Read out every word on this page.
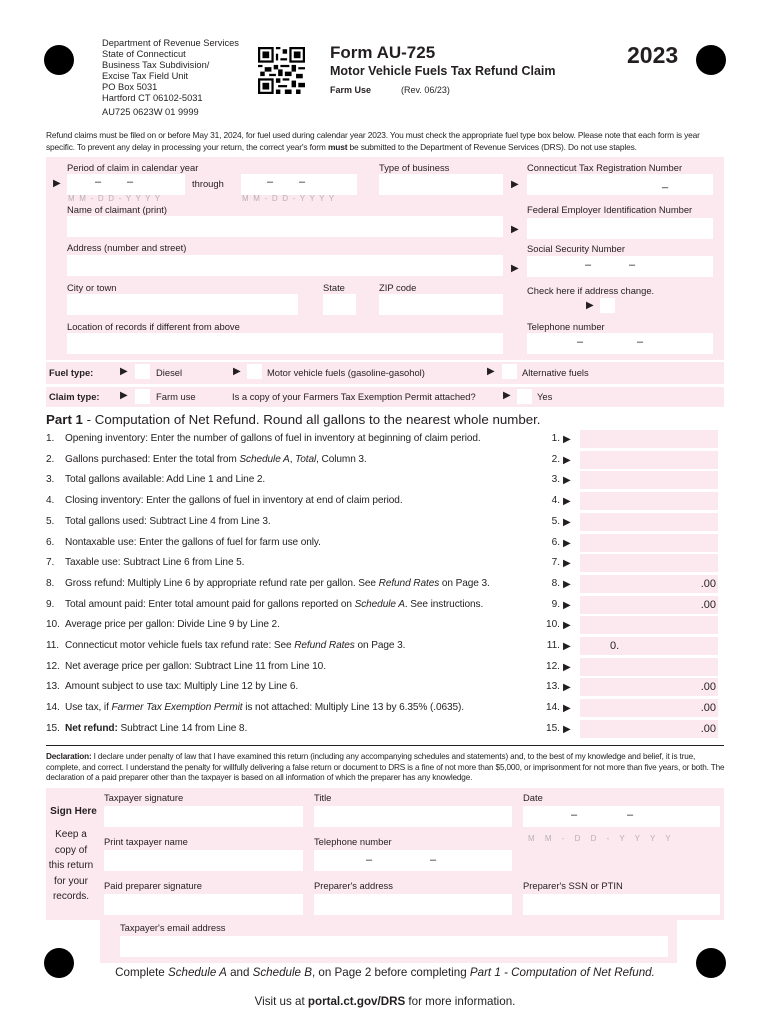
Department of Revenue Services
State of Connecticut
Business Tax Subdivision/
Excise Tax Field Unit
PO Box 5031
Hartford CT 06102-5031
AU725 0623W 01 9999
Form AU-725
Motor Vehicle Fuels Tax Refund Claim
Farm Use	(Rev. 06/23)
2023
Refund claims must be filed on or before May 31, 2024, for fuel used during calendar year 2023. You must check the appropriate fuel type box below. Please note that each form is year specific. To prevent any delay in processing your return, the correct year's form must be submitted to the Department of Revenue Services (DRS). Do not use staples.
Period of claim in calendar year
▶	– –
M M - D D - Y Y Y Y
through	– –
M M - D D - Y Y Y Y
Type of business	Connecticut Tax Registration Number
▶	_
Name of claimant (print)	Federal Employer Identification Number
▶
Address (number and street)	Social Security Number
▶	–	–
City or town	State	ZIP code	Check here if address change.
▶
Location of records if different from above	Telephone number
–	–
Fuel type:	▶	Diesel	▶	Motor vehicle fuels (gasoline-gasohol)	▶	Alternative fuels
Claim type: ▶	Farm use	Is a copy of your Farmers Tax Exemption Permit attached?	▶	Yes
Part 1 - Computation of Net Refund. Round all gallons to the nearest whole number.
1. Opening inventory: Enter the number of gallons of fuel in inventory at beginning of claim period.	1. ▶
2. Gallons purchased: Enter the total from Schedule A, Total, Column 3.	2. ▶
3. Total gallons available: Add Line 1 and Line 2.	3. ▶
4. Closing inventory: Enter the gallons of fuel in inventory at end of claim period.	4. ▶
5. Total gallons used: Subtract Line 4 from Line 3.	5. ▶
6. Nontaxable use: Enter the gallons of fuel for farm use only.	6. ▶
7. Taxable use: Subtract Line 6 from Line 5.	7. ▶
8. Gross refund: Multiply Line 6 by appropriate refund rate per gallon. See Refund Rates on Page 3.	8. ▶	.00
9. Total amount paid: Enter total amount paid for gallons reported on Schedule A. See instructions.	9. ▶	.00
10. Average price per gallon: Divide Line 9 by Line 2.	10. ▶
11. Connecticut motor vehicle fuels tax refund rate: See Refund Rates on Page 3.	11. ▶	0.
12. Net average price per gallon: Subtract Line 11 from Line 10.	12. ▶
13. Amount subject to use tax: Multiply Line 12 by Line 6.	13. ▶	.00
14. Use tax, if Farmer Tax Exemption Permit is not attached: Multiply Line 13 by 6.35% (.0635).	14. ▶	.00
15. Net refund: Subtract Line 14 from Line 8.	15. ▶	.00
Declaration: I declare under penalty of law that I have examined this return (including any accompanying schedules and statements) and, to the best of my knowledge and belief, it is true, complete, and correct. I understand the penalty for willfully delivering a false return or document to DRS is a fine of not more than $5,000, or imprisonment for not more than five years, or both. The declaration of a paid preparer other than the taxpayer is based on all information of which the preparer has any knowledge.
Sign Here
Keep a
copy of
this return
for your
records.
Taxpayer signature	Title	Date
–	–
M M - D D - Y Y Y Y
Print taxpayer name	Telephone number
–	–
Paid preparer signature	Preparer's address	Preparer's SSN or PTIN
Taxpayer's email address
Complete Schedule A and Schedule B, on Page 2 before completing Part 1 - Computation of Net Refund.
Visit us at portal.ct.gov/DRS for more information.
